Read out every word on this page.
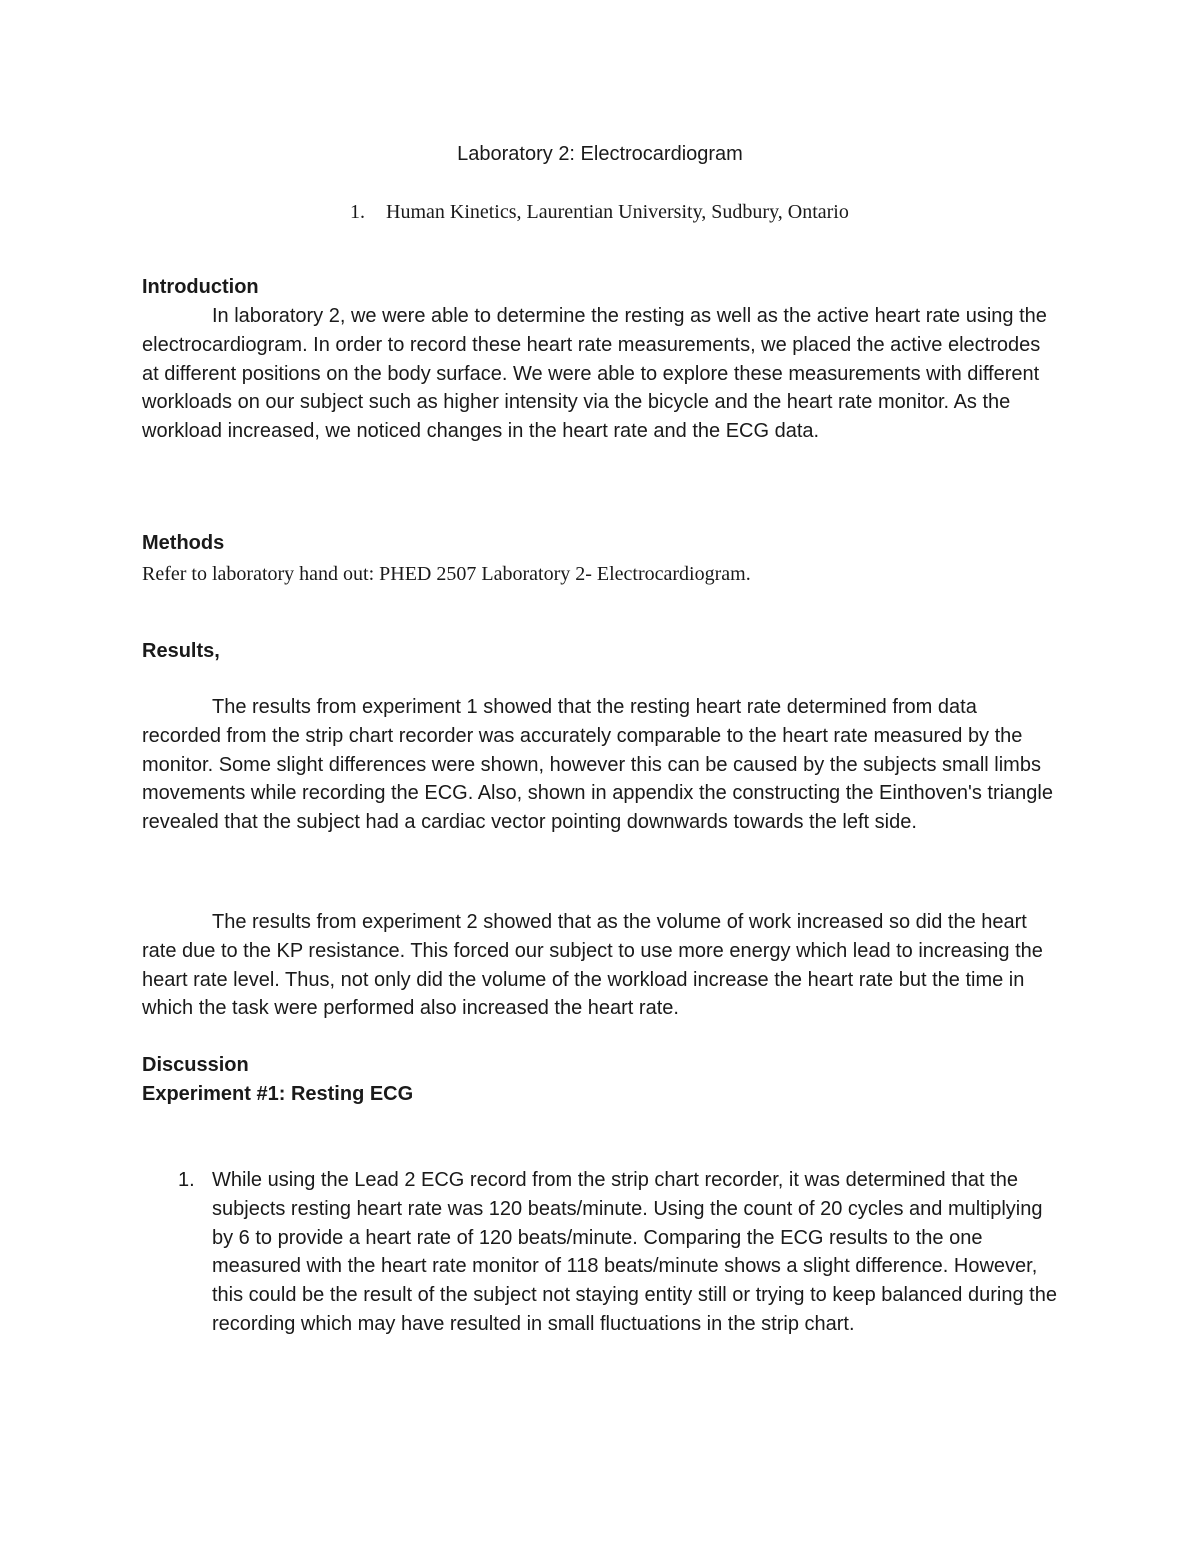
Laboratory 2: Electrocardiogram

1. Human Kinetics, Laurentian University, Sudbury, Ontario

Introduction

In laboratory 2, we were able to determine the resting as well as the active heart rate using the electrocardiogram. In order to record these heart rate measurements, we placed the active electrodes at different positions on the body surface. We were able to explore these measurements with different workloads on our subject such as higher intensity via the bicycle and the heart rate monitor. As the workload increased, we noticed changes in the heart rate and the ECG data.

Methods

Refer to laboratory hand out: PHED 2507 Laboratory 2- Electrocardiogram.

Results,

The results from experiment 1 showed that the resting heart rate determined from data recorded from the strip chart recorder was accurately comparable to the heart rate measured by the monitor. Some slight differences were shown, however this can be caused by the subjects small limbs movements while recording the ECG. Also, shown in appendix the constructing the Einthoven's triangle revealed that the subject had a cardiac vector pointing downwards towards the left side.

The results from experiment 2 showed that as the volume of work increased so did the heart rate due to the KP resistance. This forced our subject to use more energy which lead to increasing the heart rate level. Thus, not only did the volume of the workload increase the heart rate but the time in which the task were performed also increased the heart rate.

Discussion

Experiment #1: Resting ECG

1. While using the Lead 2 ECG record from the strip chart recorder, it was determined that the subjects resting heart rate was 120 beats/minute. Using the count of 20 cycles and multiplying by 6 to provide a heart rate of 120 beats/minute. Comparing the ECG results to the one measured with the heart rate monitor of 118 beats/minute shows a slight difference. However, this could be the result of the subject not staying entity still or trying to keep balanced during the recording which may have resulted in small fluctuations in the strip chart.
